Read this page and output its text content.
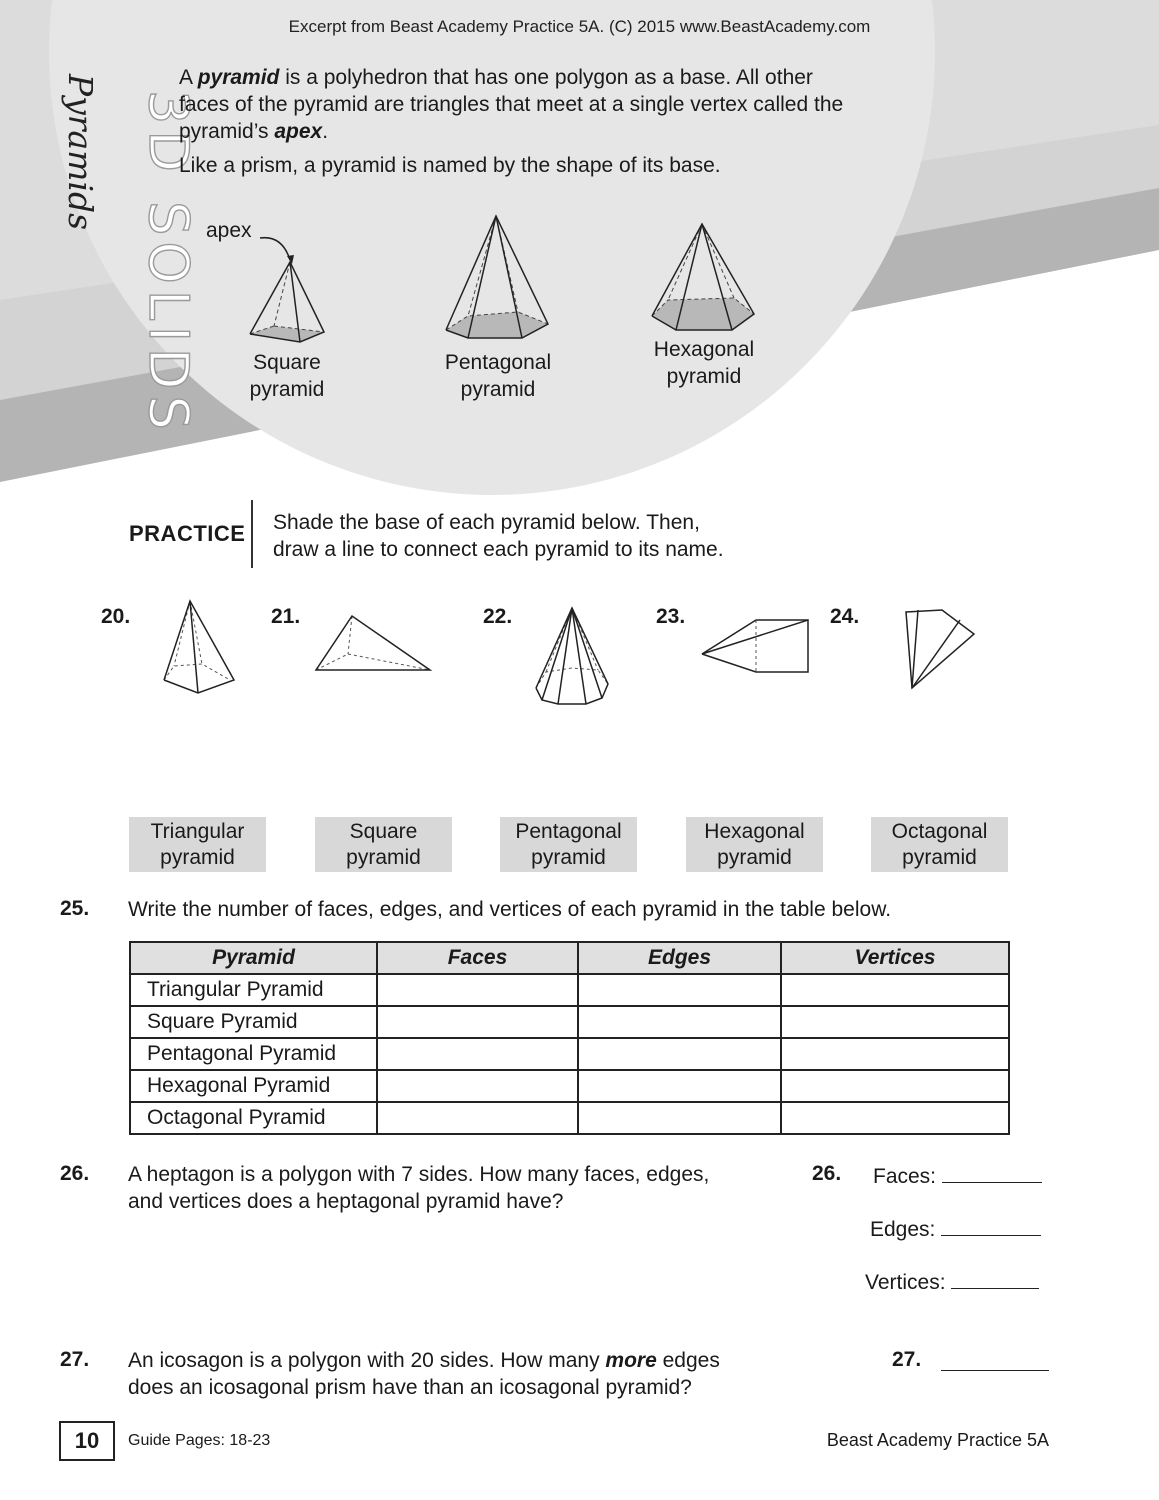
Excerpt from Beast Academy Practice 5A. (C) 2015 www.BeastAcademy.com
3D SOLIDS
Pyramids	A pyramid is a polyhedron that has one polygon as a base. All other
faces of the pyramid are triangles that meet at a single vertex called the
pyramid’s apex.
Like a prism, a pyramid is named by the shape of its base.
apex
Square
pyramid
Pentagonal
pyramid
Hexagonal
pyramid
PRACTICE Shade the base of each pyramid below. Then,
draw a line to connect each pyramid to its name.
20.	21.	22.	23.	24.
Triangular
pyramid
Square
pyramid
Pentagonal
pyramid
Hexagonal
pyramid
Octagonal
pyramid
25. Write the number of faces, edges, and vertices of each pyramid in the table below.
Pyramid	Faces	Edges	Vertices
Triangular Pyramid			
Square Pyramid			
Pentagonal Pyramid			
Hexagonal Pyramid			
Octagonal Pyramid			
26. A heptagon is a polygon with 7 sides. How many faces, edges,
and vertices does a heptagonal pyramid have?
26. Faces:
Edges:
Vertices:
27. An icosagon is a polygon with 20 sides. How many more edges
does an icosagonal prism have than an icosagonal pyramid?
27.
10	Guide Pages: 18-23	Beast Academy Practice 5A
